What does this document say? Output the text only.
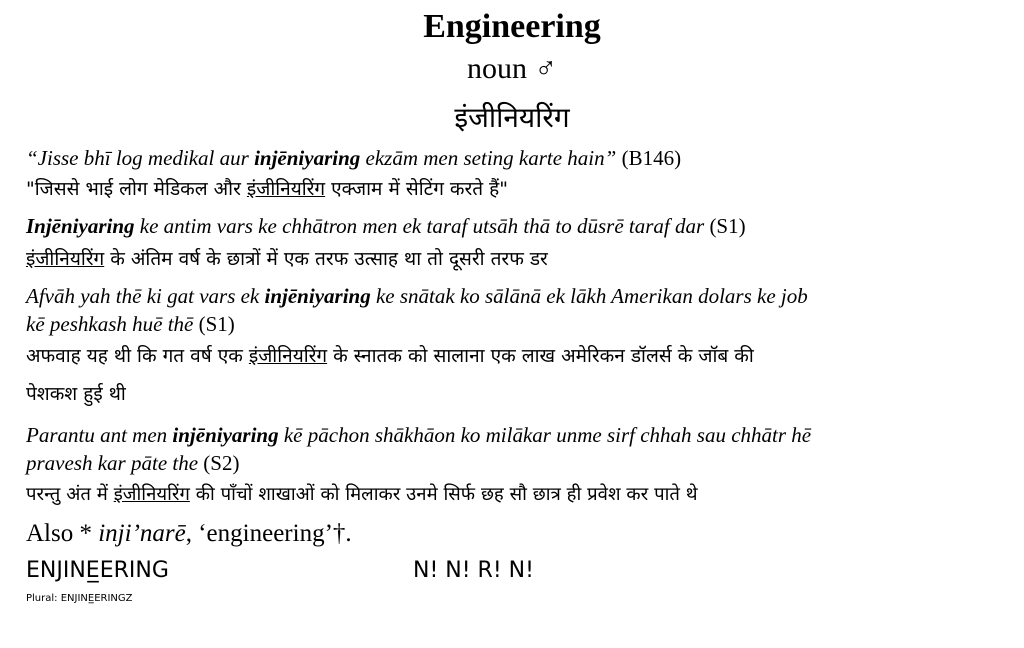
Engineering
noun ♂
इंजीनियरिंग
“Jisse bhī log medikal aur injēniyaring ekzām men seting karte hain” (B146)
"जिससे भाई लोग मेडिकल और इंजीनियरिंग एक्जाम में सेटिंग करते हैं"
Injēniyaring ke antim vars ke chhātron men ek taraf utsāh thā to dūsrē taraf dar (S1)
इंजीनियरिंग के अंतिम वर्ष के छात्रों में एक तरफ उत्साह था तो दूसरी तरफ डर
Afvāh yah thē ki gat vars ek injēniyaring ke snātak ko sālānā ek lākh Amerikan dolars ke job
kē peshkash huē thē (S1)
अफवाह यह थी कि गत वर्ष एक इंजीनियरिंग के स्नातक को सालाना एक लाख अमेरिकन डॉलर्स के जॉब की
पेशकश हुई थी
Parantu ant men injēniyaring kē pāchon shākhāon ko milākar unme sirf chhah sau chhātr hē
pravesh kar pāte the (S2)
परन्तु अंत में इंजीनियरिंग की पाँचों शाखाओं को मिलाकर उनमे सिर्फ छह सौ छात्र ही प्रवेश कर पाते थे
Also * inji’narē, ‘engineering’†.
ENJINE̲̲ERING	N! N! R! N!
Plural: ENJINE̲̲ERINGZ
